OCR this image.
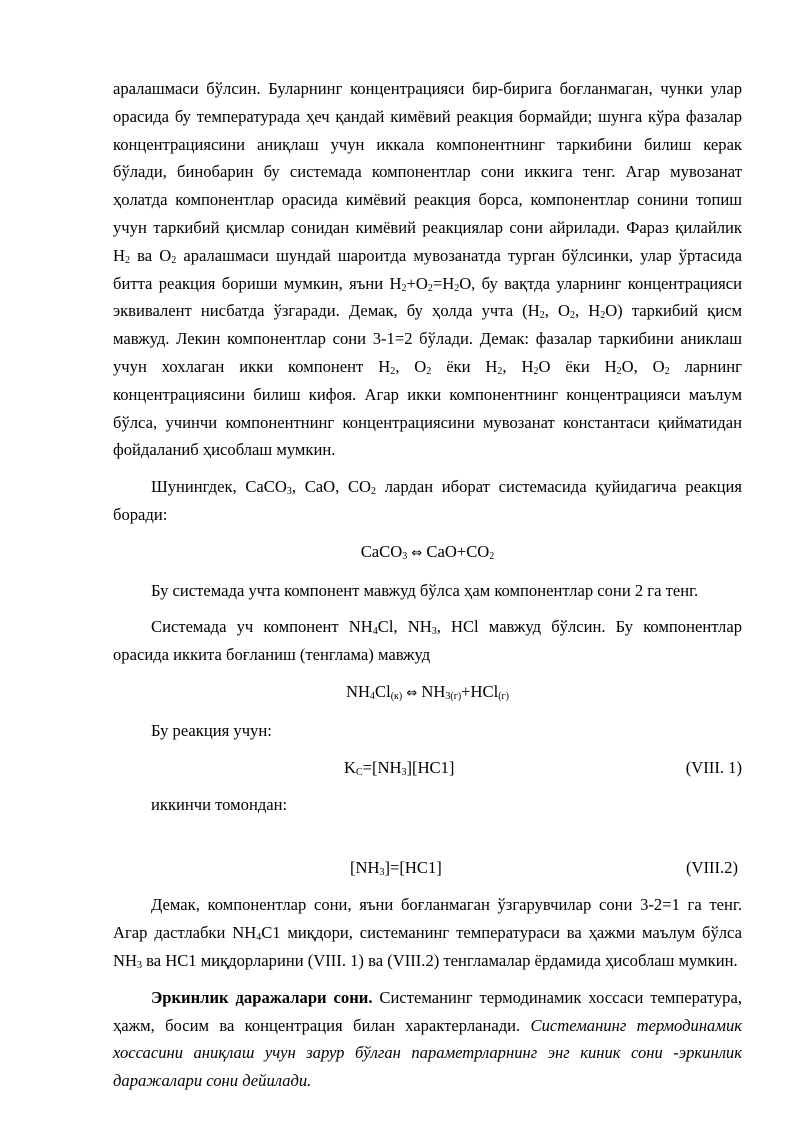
аралашмаси бўлсин. Буларнинг концентрацияси бир-бирига боғланмаган, чунки улар орасида бу температурада ҳеч қандай кимёвий реакция бормайди; шунга кўра фазалар концентрациясини аниқлаш учун иккала компонентнинг таркибини билиш керак бўлади, бинобарин бу системада компонентлар сони иккига тенг. Агар мувозанат ҳолатда компонентлар орасида кимёвий реакция борса, компонентлар сонини топиш учун таркибий қисмлар сонидан кимёвий реакциялар сони айрилади. Фараз қилайлик $H_2$ ва $O_2$ аралашмаси шундай шароитда мувозанатда турган бўлсинки, улар ўртасида битта реакция бориши мумкин, яъни $H_2+O_2=H_2O$, бу вақтда уларнинг концентрацияси эквивалент нисбатда ўзгаради. Демак, бу ҳолда учта ($H_2$, $O_2$, $H_2O$) таркибий қисм мавжуд. Лекин компонентлар сони 3-1=2 бўлади. Демак: фазалар таркибини аниклаш учун хохлаган икки компонент $H_2$, $O_2$ ёки $H_2$, $H_2O$ ёки $H_2O$, $O_2$ ларнинг концентрациясини билиш кифоя. Агар икки компонентнинг концентрацияси маълум бўлса, учинчи компонентнинг концентрациясини мувозанат константаси қийматидан фойдаланиб ҳисоблаш мумкин.

Шунингдек, CaCO$_3$, CaO, $CO_2$ лардан иборат системасида қуйидагича реакция боради:

CaCO$_3$ ⇔ $CaO+CO_2$

Бу системада учта компонент мавжуд бўлса ҳам компонентлар сони 2 га тенг.

Системада уч компонент $NH_4Cl$, $NH_3$, HCl мавжуд бўлсин. Бу компонентлар орасида иккита боғланиш (тенглама) мавжуд

$NH_4Cl_{(к)}$ ⇔ $NH_{3(г)}+HCl_{(г)}$

Бу реакция учун:

$K_C=[NH_3][HC1]$	(VIII. 1)

иккинчи томондан:

$[NH_3]=[HC1]$	(VIII.2)

Демак, компонентлар сони, яъни боғланмаган ўзгарувчилар сони 3-2=1 га тенг. Агар дастлабки $NH_4C1$ миқдори, системанинг температураси ва ҳажми маълум бўлса $NH_3$ ва HC1 миқдорларини (VIII. 1) ва (VIII.2) тенгламалар ёрдамида ҳисоблаш мумкин.

Эркинлик даражалари сони. Системанинг термодинамик хоссаси температура, ҳажм, босим ва концентрация билан характерланади. Системанинг термодинамик хоссасини аниқлаш учун зарур бўлган параметрларнинг энг киник сони -эркинлик даражалари сони дейилади.
